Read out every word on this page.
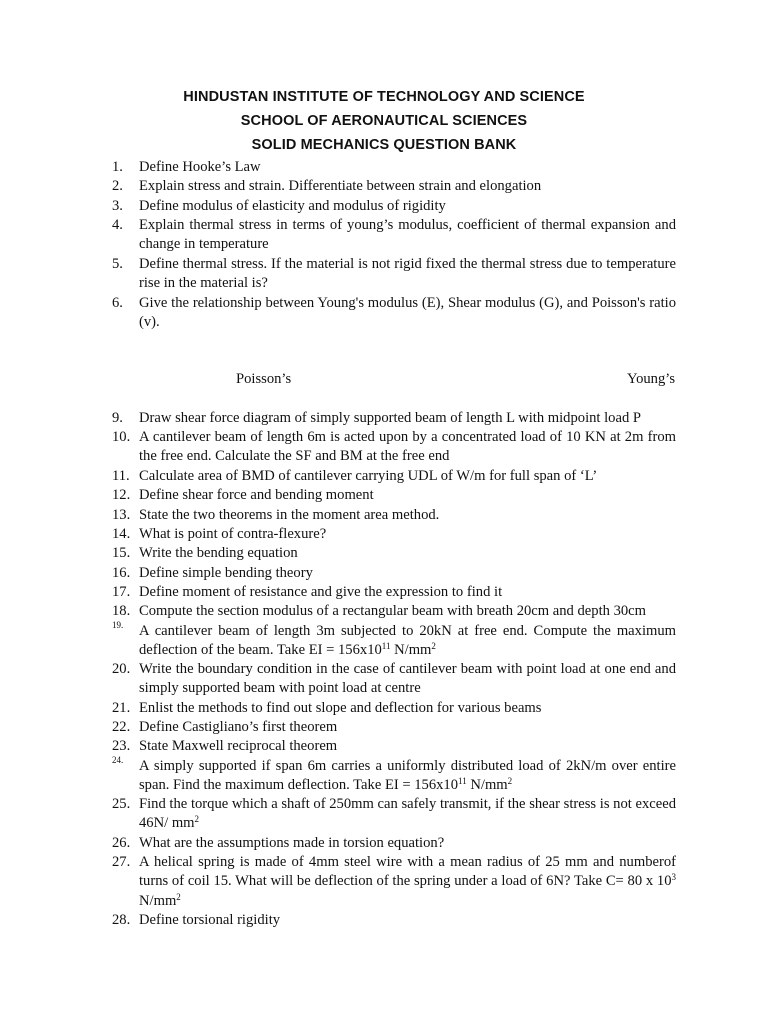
HINDUSTAN INSTITUTE OF TECHNOLOGY AND SCIENCE
SCHOOL OF AERONAUTICAL SCIENCES
SOLID MECHANICS QUESTION BANK
1.	Define Hooke’s Law
2.	Explain stress and strain. Differentiate between strain and elongation
3.	Define modulus of elasticity and modulus of rigidity
4.	Explain thermal stress in terms of young’s modulus, coefficient of thermal expansion and change in temperature
5.	Define thermal stress. If the material is not rigid fixed the thermal stress due to temperature rise in the material is?
6.	Give the relationship between Young's modulus (E), Shear modulus (G), and Poisson's ratio (v).
Poisson’s	Young’s
9.	Draw shear force diagram of simply supported beam of length L with midpoint load P
10. A cantilever beam of length 6m is acted upon by a concentrated load of 10 KN at 2m from the free end. Calculate the SF and BM at the free end
11. Calculate area of BMD of cantilever carrying UDL of W/m for full span of ‘L’
12. Define shear force and bending moment
13. State the two theorems in the moment area method.
14. What is point of contra-flexure?
15. Write the bending equation
16. Define simple bending theory
17. Define moment of resistance and give the expression to find it
18. Compute the section modulus of a rectangular beam with breath 20cm and depth 30cm
19.	A cantilever beam of length 3m subjected to 20kN at free end. Compute the maximum deflection of the beam. Take EI = $156x10^{11}$ $N/mm^2$
20. Write the boundary condition in the case of cantilever beam with point load at one end and simply supported beam with point load at centre
21. Enlist the methods to find out slope and deflection for various beams
22. Define Castigliano’s first theorem
23. State Maxwell reciprocal theorem
24.	A simply supported if span 6m carries a uniformly distributed load of 2kN/m over entire span. Find the maximum deflection. Take EI = $156x10^{11}$ $N/mm^2$
25. Find the torque which a shaft of 250mm can safely transmit, if the shear stress is not exceed 46N/ $mm^2$
26. What are the assumptions made in torsion equation?
27. A helical spring is made of 4mm steel wire with a mean radius of 25 mm and numberof turns of coil 15. What will be deflection of the spring under a load of 6N? Take C= 80 x $10^3$ $N/mm^2$
28. Define torsional rigidity
